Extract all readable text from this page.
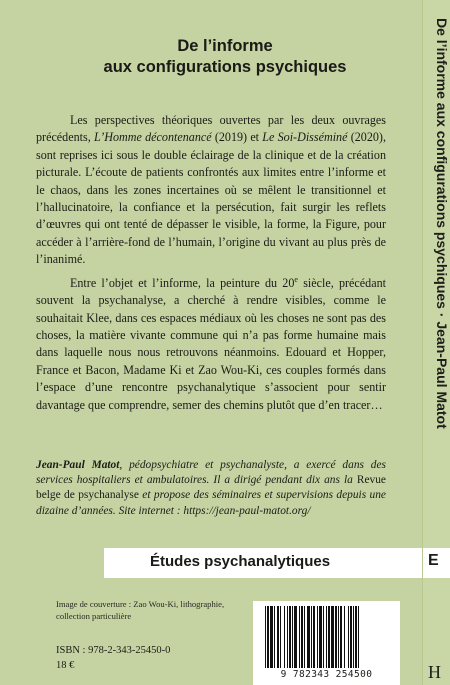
De l’informe aux configurations psychiques · Jean-Paul Matot
H
De l’informe
aux configurations psychiques

Les perspectives théoriques ouvertes par les deux ouvrages précédents, L’Homme décontenancé (2019) et Le Soi-Disséminé (2020), sont reprises ici sous le double éclairage de la clinique et de la création picturale. L’écoute de patients confrontés aux limites entre l’informe et le chaos, dans les zones incertaines où se mêlent le transitionnel et l’hallucinatoire, la confiance et la persécution, fait surgir les reflets d’œuvres qui ont tenté de dépasser le visible, la forme, la Figure, pour accéder à l’arrière-fond de l’humain, l’origine du vivant au plus près de l’inanimé.

Entre l’objet et l’informe, la peinture du 20e siècle, précédant souvent la psychanalyse, a cherché à rendre visibles, comme le souhaitait Klee, dans ces espaces médiaux où les choses ne sont pas des choses, la matière vivante commune qui n’a pas forme humaine mais dans laquelle nous nous retrouvons néanmoins. Edouard et Hopper, France et Bacon, Madame Ki et Zao Wou-Ki, ces couples formés dans l’espace d’une rencontre psychanalytique s’associent pour sentir davantage que comprendre, semer des chemins plutôt que d’en tracer…

Jean-Paul Matot, pédopsychiatre et psychanalyste, a exercé dans des services hospitaliers et ambulatoires. Il a dirigé pendant dix ans la Revue belge de psychanalyse et propose des séminaires et supervisions depuis une dizaine d’années. Site internet : https://jean-paul-matot.org/
Études psychanalytiques	E
Image de couverture : Zao Wou-Ki, lithographie,
collection particulière
ISBN : 978-2-343-25450-0
18 €
9 782343 254500
